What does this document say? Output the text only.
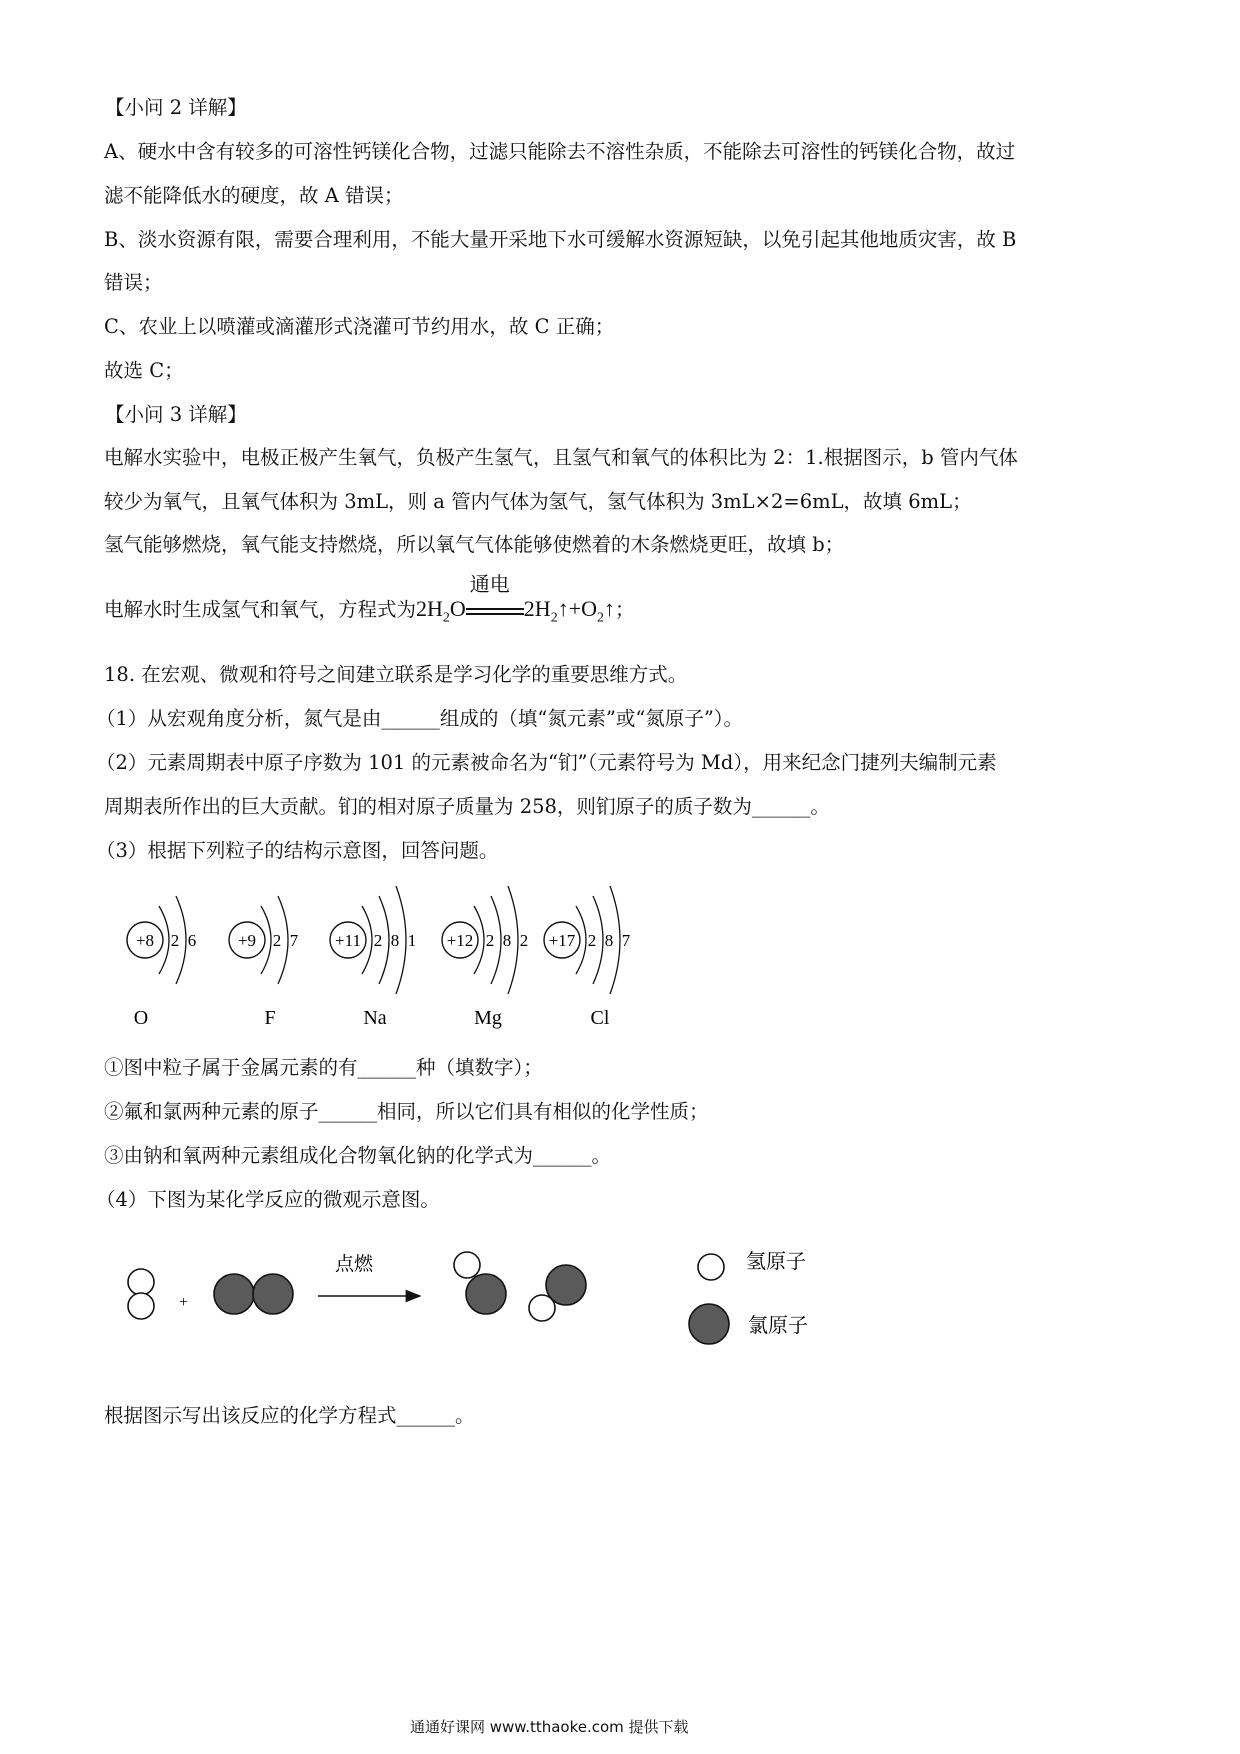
【小问 2 详解】
A、硬水中含有较多的可溶性钙镁化合物，过滤只能除去不溶性杂质，不能除去可溶性的钙镁化合物，故过
滤不能降低水的硬度，故 A 错误；
B、淡水资源有限，需要合理利用，不能大量开采地下水可缓解水资源短缺，以免引起其他地质灾害，故 B
错误；
C、农业上以喷灌或滴灌形式浇灌可节约用水，故 C 正确；
故选 C；
【小问 3 详解】
电解水实验中，电极正极产生氧气，负极产生氢气，且氢气和氧气的体积比为 2：1.根据图示，b 管内气体
较少为氧气，且氧气体积为 3mL，则 a 管内气体为氢气，氢气体积为 3mL×2=6mL，故填 6mL；
氢气能够燃烧，氧气能支持燃烧，所以氧气气体能够使燃着的木条燃烧更旺，故填 b；
电解水时生成氢气和氧气，方程式为$2H_2O$
通电
$2H_2↑+O_2↑$；
18. 在宏观、微观和符号之间建立联系是学习化学的重要思维方式。
（1）从宏观角度分析，氮气是由______组成的（填“氮元素”或“氮原子”）。
（2）元素周期表中原子序数为 101 的元素被命名为“钔”（元素符号为 Md），用来纪念门捷列夫编制元素
周期表所作出的巨大贡献。钔的相对原子质量为 258，则钔原子的质子数为______。
（3）根据下列粒子的结构示意图，回答问题。
+8 2 6
O
+9 2 7
F
+11 2 8 1
Na
+12 2 8 2
Mg
+17 2 8 7
Cl
①图中粒子属于金属元素的有______种（填数字）；
②氟和氯两种元素的原子______相同，所以它们具有相似的化学性质；
③由钠和氧两种元素组成化合物氧化钠的化学式为______。
（4）下图为某化学反应的微观示意图。
+
点燃	氢原子
氯原子
根据图示写出该反应的化学方程式______。
通通好课网 www.tthaoke.com 提供下载
